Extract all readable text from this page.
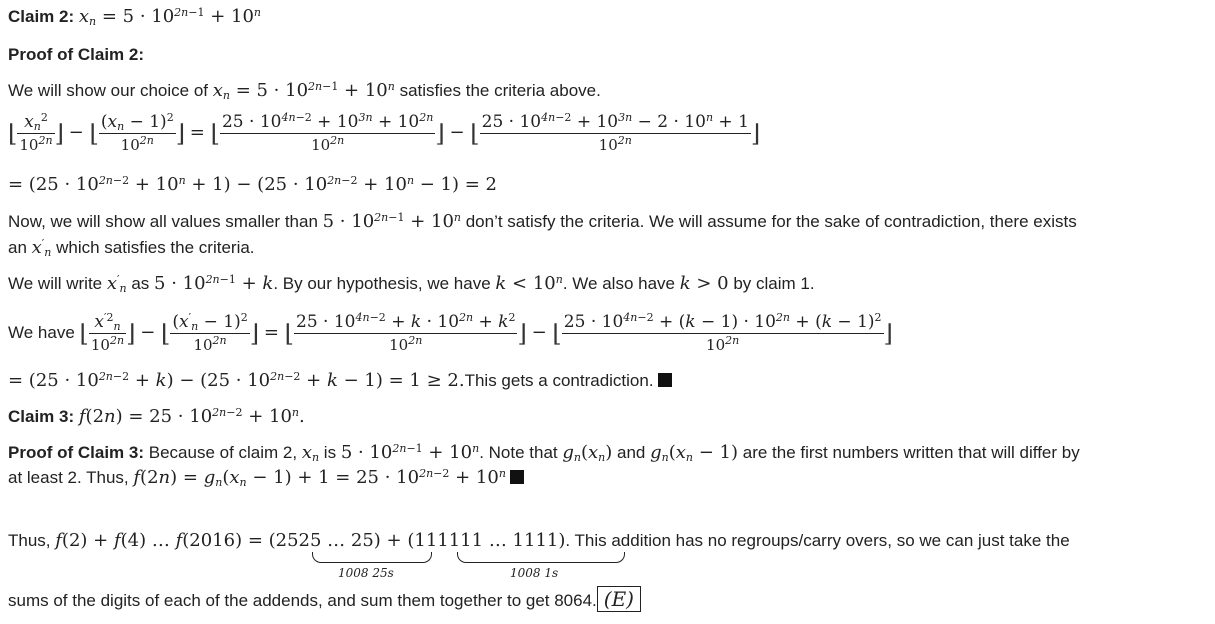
Claim 2: $x_n = 5 \cdot 10^{2n-1} + 10^n$
Proof of Claim 2:
We will show our choice of $x_n = 5 \cdot 10^{2n-1} + 10^n$ satisfies the criteria above.
⌊ $\frac{x_n^2}{10^{2n}}$ ⌋ − ⌊ $\frac{(x_n - 1)^2}{10^{2n}}$ ⌋ = ⌊ $\frac{25 \cdot 10^{4n-2} + 10^{3n} + 10^{2n}}{10^{2n}}$ ⌋ − ⌊ $\frac{25 \cdot 10^{4n-2} + 10^{3n} - 2 \cdot 10^n + 1}{10^{2n}}$ ⌋
= $(25 \cdot 10^{2n-2} + 10^n + 1) - (25 \cdot 10^{2n-2} + 10^n - 1) = 2$
Now, we will show all values smaller than $5 \cdot 10^{2n-1} + 10^n$ don’t satisfy the criteria. We will assume for the sake of contradiction, there exists
an $x'_n$ which satisfies the criteria.
We will write $x'_n$ as $5 \cdot 10^{2n-1} + k$. By our hypothesis, we have $k < 10^n$. We also have k > 0 by claim 1.
We have ⌊ $\frac{x^{'2}_n}{10^{2n}}$ ⌋ − ⌊ $\frac{(x'_n - 1)^2}{10^{2n}}$ ⌋ = ⌊ $\frac{25 \cdot 10^{4n-2} + k \cdot 10^{2n} + k^2}{10^{2n}}$ ⌋ − ⌊ $\frac{25 \cdot 10^{4n-2} + (k - 1) \cdot 10^{2n} + (k - 1)^2}{10^{2n}}$ ⌋
= $(25 \cdot 10^{2n-2} + k) - (25 \cdot 10^{2n-2} + k - 1) = 1$ ≥ 2.This gets a contradiction.
Claim 3: $f(2n) = 25 \cdot 10^{2n-2} + 10^n$.
Proof of Claim 3: Because of claim 2, $x_n$ is $5 \cdot 10^{2n-1} + 10^n$. Note that $g_n(x_n)$ and $g_n(x_n - 1)$ are the first numbers written that will differ by
at least 2. Thus, $f(2n) = g_n(x_n - 1) + 1 = 25 \cdot 10^{2n-2} + 10^n$
Thus, f(2) + f(4) … f(2016) = (2525 … 25) + (111111 … 1111). This addition has no regroups/carry overs, so we can just take the
1008 25s	1008 1s
sums of the digits of each of the addends, and sum them together to get 8064. (E)
